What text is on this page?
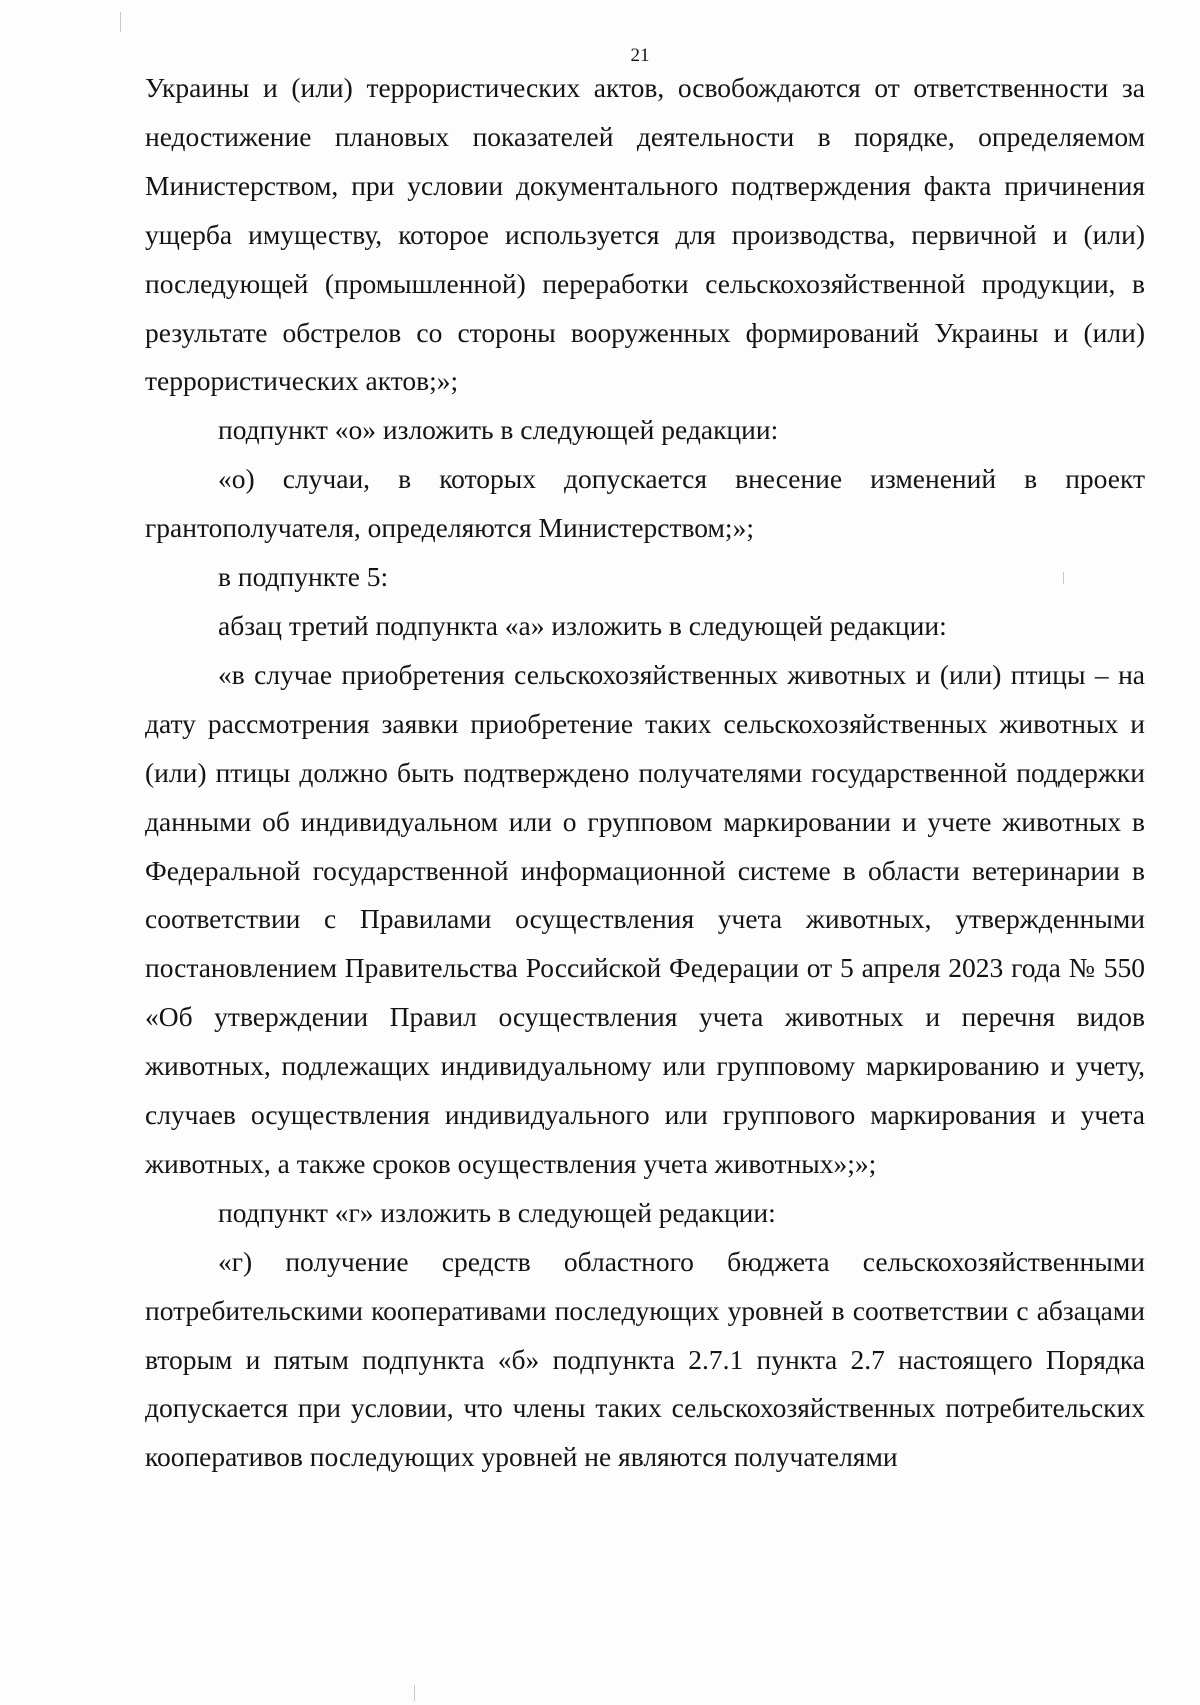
21

Украины и (или) террористических актов, освобождаются от ответственности за недостижение плановых показателей деятельности в порядке, определяемом Министерством, при условии документального подтверждения факта причинения ущерба имуществу, которое используется для производства, первичной и (или) последующей (промышленной) переработки сельскохозяйственной продукции, в результате обстрелов со стороны вооруженных формирований Украины и (или) террористических актов;»;

подпункт «о» изложить в следующей редакции:

«о) случаи, в которых допускается внесение изменений в проект грантополучателя, определяются Министерством;»;

в подпункте 5:

абзац третий подпункта «а» изложить в следующей редакции:

«в случае приобретения сельскохозяйственных животных и (или) птицы – на дату рассмотрения заявки приобретение таких сельскохозяйственных животных и (или) птицы должно быть подтверждено получателями государственной поддержки данными об индивидуальном или о групповом маркировании и учете животных в Федеральной государственной информационной системе в области ветеринарии в соответствии с Правилами осуществления учета животных, утвержденными постановлением Правительства Российской Федерации от 5 апреля 2023 года № 550 «Об утверждении Правил осуществления учета животных и перечня видов животных, подлежащих индивидуальному или групповому маркированию и учету, случаев осуществления индивидуального или группового маркирования и учета животных, а также сроков осуществления учета животных»;»;

подпункт «г» изложить в следующей редакции:

«г) получение средств областного бюджета сельскохозяйственными потребительскими кооперативами последующих уровней в соответствии с абзацами вторым и пятым подпункта «б» подпункта 2.7.1 пункта 2.7 настоящего Порядка допускается при условии, что члены таких сельскохозяйственных потребительских кооперативов последующих уровней не являются получателями
